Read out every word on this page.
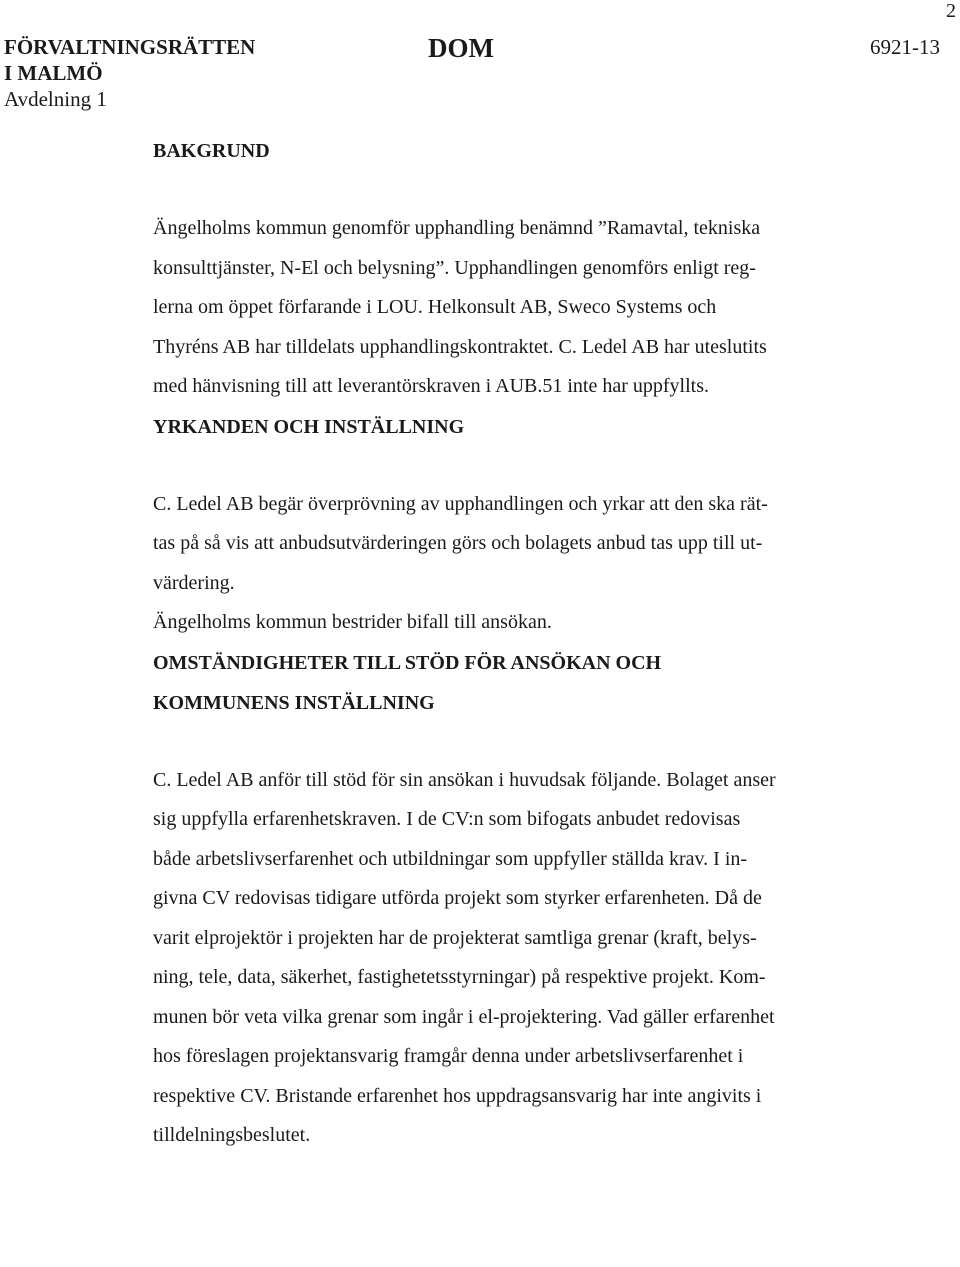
2
FÖRVALTNINGSRÄTTEN
I MALMÖ
Avdelning 1
DOM	6921-13
BAKGRUND

Ängelholms kommun genomför upphandling benämnd ”Ramavtal, tekniska
konsulttjänster, N-El och belysning”. Upphandlingen genomförs enligt reg-
lerna om öppet förfarande i LOU. Helkonsult AB, Sweco Systems och
Thyréns AB har tilldelats upphandlingskontraktet. C. Ledel AB har uteslutits
med hänvisning till att leverantörskraven i AUB.51 inte har uppfyllts.

YRKANDEN OCH INSTÄLLNING

C. Ledel AB begär överprövning av upphandlingen och yrkar att den ska rät-
tas på så vis att anbudsutvärderingen görs och bolagets anbud tas upp till ut-
värdering.

Ängelholms kommun bestrider bifall till ansökan.

OMSTÄNDIGHETER TILL STÖD FÖR ANSÖKAN OCH
KOMMUNENS INSTÄLLNING

C. Ledel AB anför till stöd för sin ansökan i huvudsak följande. Bolaget anser
sig uppfylla erfarenhetskraven. I de CV:n som bifogats anbudet redovisas
både arbetslivserfarenhet och utbildningar som uppfyller ställda krav. I in-
givna CV redovisas tidigare utförda projekt som styrker erfarenheten. Då de
varit elprojektör i projekten har de projekterat samtliga grenar (kraft, belys-
ning, tele, data, säkerhet, fastighetetsstyrningar) på respektive projekt. Kom-
munen bör veta vilka grenar som ingår i el-projektering. Vad gäller erfarenhet
hos föreslagen projektansvarig framgår denna under arbetslivserfarenhet i
respektive CV. Bristande erfarenhet hos uppdragsansvarig har inte angivits i
tilldelningsbeslutet.
